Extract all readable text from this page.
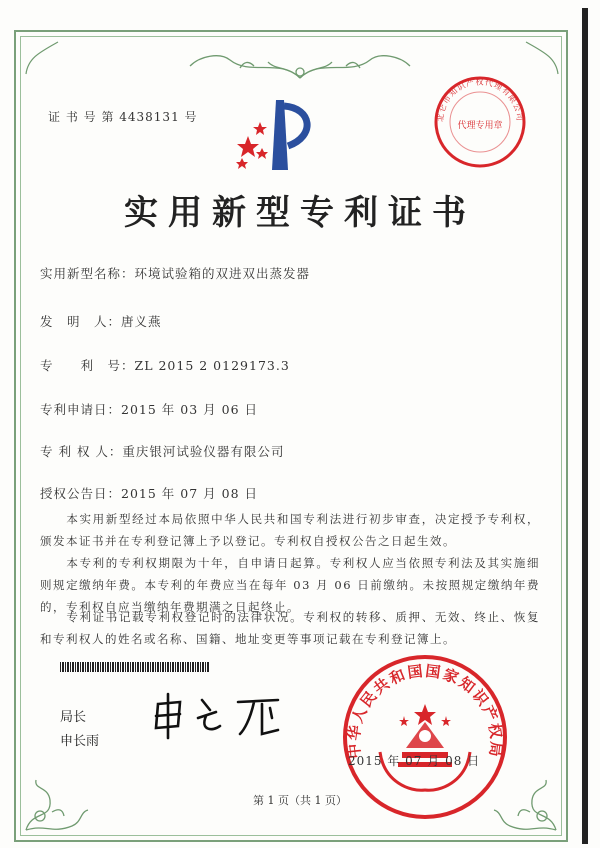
证 书 号 第 4438131 号	北仑市知识产权代理有限公司
代理专用章
实用新型专利证书
实用新型名称：环境试验箱的双进双出蒸发器
发　明　人：唐义燕
专　　利　号：ZL 2015 2 0129173.3
专利申请日：2015 年 03 月 06 日
专 利 权 人：重庆银河试验仪器有限公司
授权公告日：2015 年 07 月 08 日
　　本实用新型经过本局依照中华人民共和国专利法进行初步审查，决定授予专利权，颁发本证书并在专利登记簿上予以登记。专利权自授权公告之日起生效。
　　本专利的专利权期限为十年，自申请日起算。专利权人应当依照专利法及其实施细则规定缴纳年费。本专利的年费应当在每年 03 月 06 日前缴纳。未按照规定缴纳年费的，专利权自应当缴纳年费期满之日起终止。
　　专利证书记载专利权登记时的法律状况。专利权的转移、质押、无效、终止、恢复和专利权人的姓名或名称、国籍、地址变更等事项记载在专利登记簿上。
局长
申长雨	中华人民共和国国家知识产权局
2015 年 07 月 08 日
第 1 页（共 1 页）
